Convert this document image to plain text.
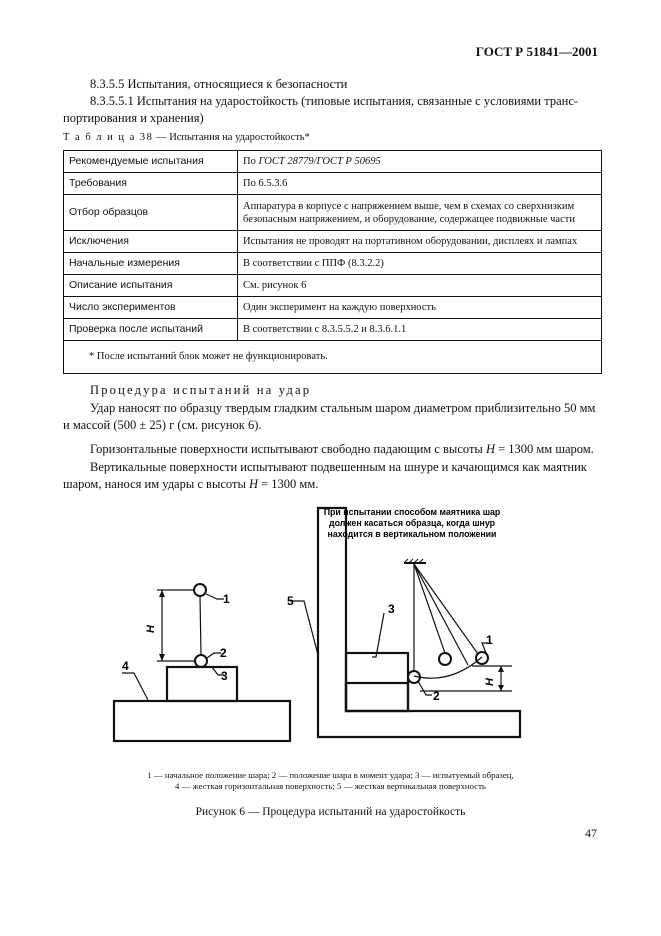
ГОСТ Р 51841—2001
8.3.5.5 Испытания, относящиеся к безопасности
8.3.5.5.1 Испытания на ударостойкость (типовые испытания, связанные с условиями транс-
портирования и хранения)
Т а б л и ц а 38 — Испытания на ударостойкость*
Рекомендуемые испытания	По ГОСТ 28779/ГОСТ Р 50695
Требования	По 6.5.3.6
Отбор образцов	Аппаратура в корпусе с напряжением выше, чем в схемах со сверхнизким
безопасным напряжением, и оборудование, содержащее подвижные части

Исключения	Испытания не проводят на портативном оборудовании, дисплеях и лампах
Начальные измерения	В соответствии с ППФ (8.3.2.2)
Описание испытания	См. рисунок 6
Число экспериментов	Один эксперимент на каждую поверхность
Проверка после испытаний	В соответствии с 8.3.5.5.2 и 8.3.6.1.1
* После испытаний блок может не функционировать.	
Процедура испытаний на удар
Удар наносят по образцу твердым гладким стальным шаром диаметром приблизительно 50 мм
и массой (500 ± 25) г (см. рисунок 6).
Горизонтальные поверхности испытывают свободно падающим с высоты H = 1300 мм шаром.
Вертикальные поверхности испытывают подвешенным на шнуре и качающимся как маятник
шаром, нанося им удары с высоты H = 1300 мм.
H
1
2
3
4
5
3
1
2
H
При испытании способом маятника шар
должен касаться образца, когда шнур
находится в вертикальном положении
1 — начальное положение шара; 2 — положение шара в момент удара; 3 — испытуемый образец,
4 — жесткая горизонтальная поверхность; 5 — жесткая вертикальная поверхность
Рисунок 6 — Процедура испытаний на ударостойкость
47
